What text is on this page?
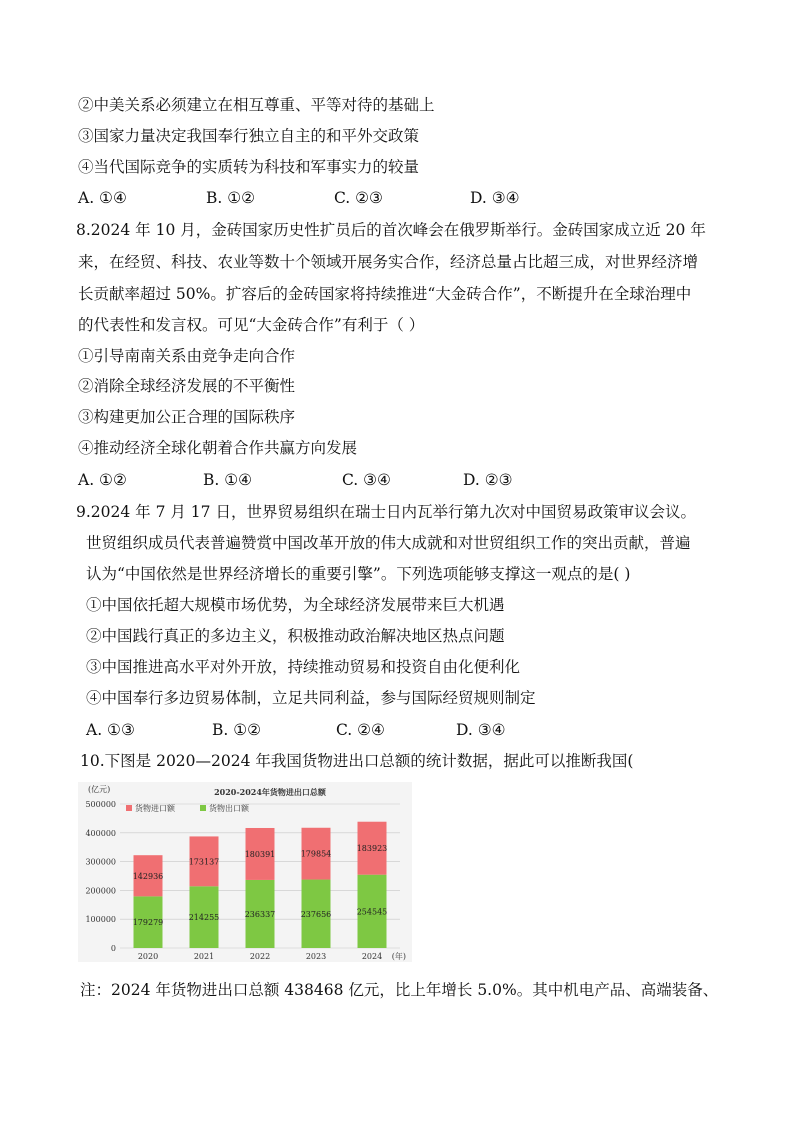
②中美关系必须建立在相互尊重、平等对待的基础上
③国家力量决定我国奉行独立自主的和平外交政策
④当代国际竞争的实质转为科技和军事实力的较量
A. ①④	B. ①②	C. ②③	D. ③④
8.2024 年 10 月，金砖国家历史性扩员后的首次峰会在俄罗斯举行。金砖国家成立近 20 年
来，在经贸、科技、农业等数十个领域开展务实合作，经济总量占比超三成，对世界经济增
长贡献率超过 50%。扩容后的金砖国家将持续推进“大金砖合作”，不断提升在全球治理中
的代表性和发言权。可见“大金砖合作”有利于（ ）
①引导南南关系由竞争走向合作
②消除全球经济发展的不平衡性
③构建更加公正合理的国际秩序
④推动经济全球化朝着合作共赢方向发展
A. ①②	B. ①④	C. ③④	D. ②③
9.2024 年 7 月 17 日，世界贸易组织在瑞士日内瓦举行第九次对中国贸易政策审议会议。
世贸组织成员代表普遍赞赏中国改革开放的伟大成就和对世贸组织工作的突出贡献，普遍
认为“中国依然是世界经济增长的重要引擎”。下列选项能够支撑这一观点的是( )
①中国依托超大规模市场优势，为全球经济发展带来巨大机遇
②中国践行真正的多边主义，积极推动政治解决地区热点问题
③中国推进高水平对外开放，持续推动贸易和投资自由化便利化
④中国奉行多边贸易体制，立足共同利益，参与国际经贸规则制定
A. ①③	B. ①②	C. ②④	D. ③④
10.下图是 2020—2024 年我国货物进出口总额的统计数据，据此可以推断我国(
0
100000
200000
300000
400000
500000
(亿元)	2020-2024年货物进出口总额
货物进口额	货物出口额
179279
142936
2020
214255
173137
2021
236337
180391
2022
237656
179854
2023
254545
183923
2024 (年)
注：2024 年货物进出口总额 438468 亿元，比上年增长 5.0%。其中机电产品、高端装备、
